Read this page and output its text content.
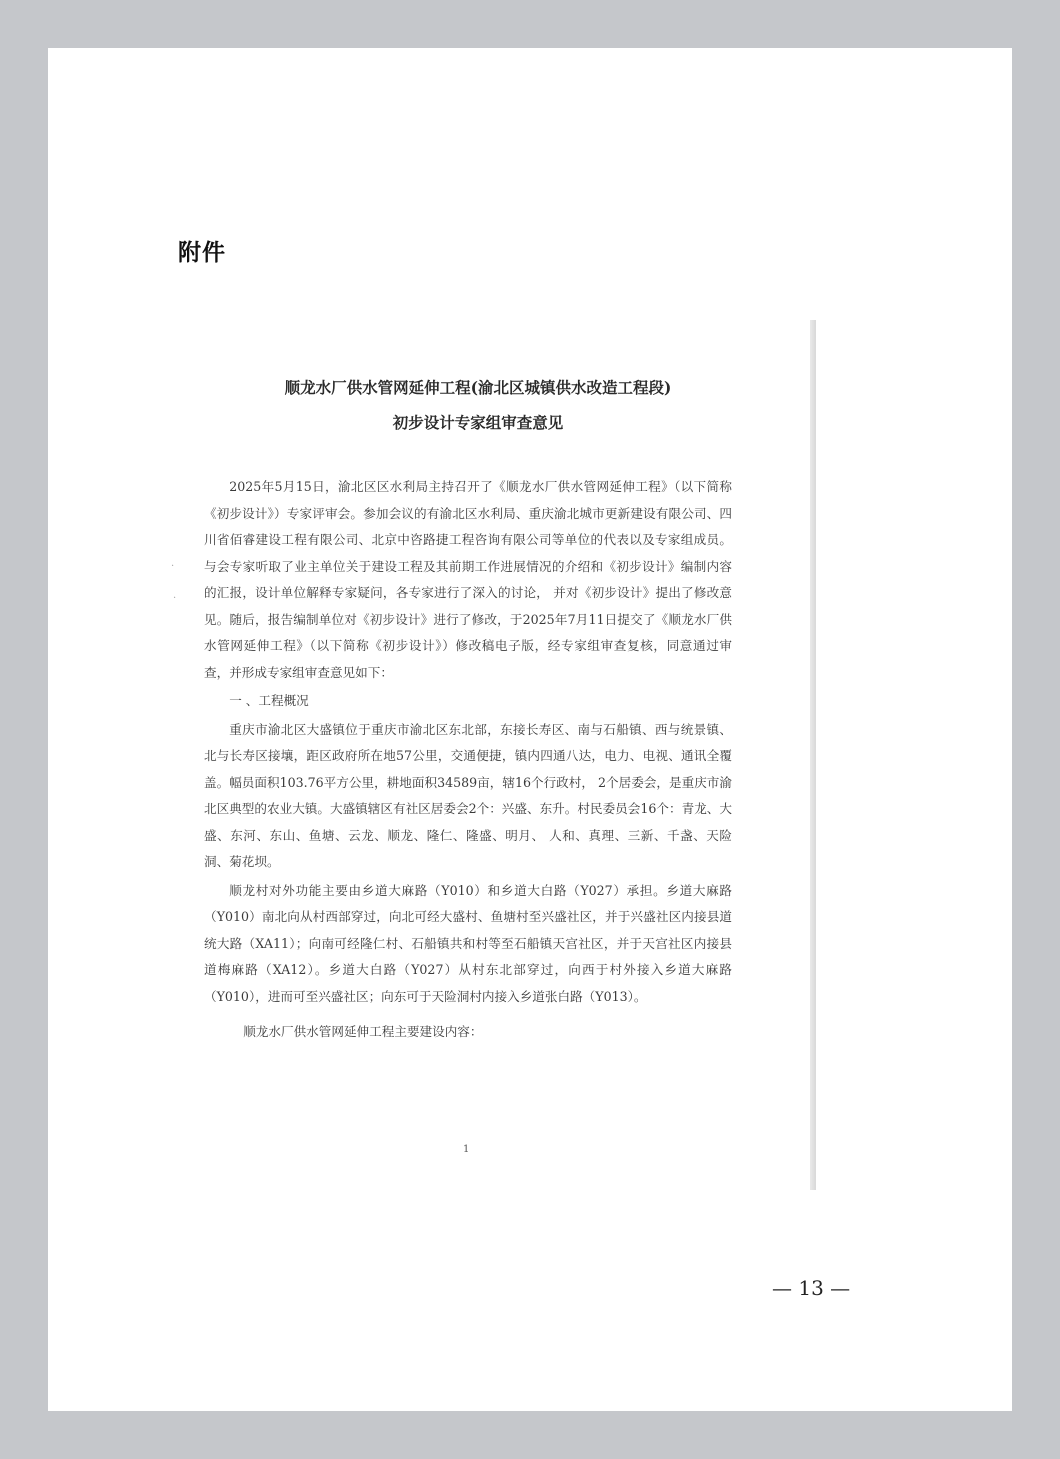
附件
·
·
顺龙水厂供水管网延伸工程(渝北区城镇供水改造工程段)
初步设计专家组审查意见

2025年5月15日，渝北区区水利局主持召开了《顺龙水厂供水管网延伸工程》（以下简称《初步设计》）专家评审会。参加会议的有渝北区水利局、重庆渝北城市更新建设有限公司、四川省佰睿建设工程有限公司、北京中咨路捷工程咨询有限公司等单位的代表以及专家组成员。与会专家听取了业主单位关于建设工程及其前期工作进展情况的介绍和《初步设计》编制内容的汇报，设计单位解释专家疑问，各专家进行了深入的讨论， 并对《初步设计》提出了修改意见。随后，报告编制单位对《初步设计》进行了修改，于2025年7月11日提交了《顺龙水厂供水管网延伸工程》（以下简称《初步设计》）修改稿电子版，经专家组审查复核，同意通过审查，并形成专家组审查意见如下：

一 、工程概况

重庆市渝北区大盛镇位于重庆市渝北区东北部，东接长寿区、南与石船镇、西与统景镇、北与长寿区接壤，距区政府所在地57公里，交通便捷，镇内四通八达，电力、电视、通讯全覆盖。幅员面积103.76平方公里，耕地面积34589亩，辖16个行政村， 2个居委会，是重庆市渝北区典型的农业大镇。大盛镇辖区有社区居委会2个：兴盛、东升。村民委员会16个：青龙、大盛、东河、东山、鱼塘、云龙、顺龙、隆仁、隆盛、明月、 人和、真理、三新、千盏、天险洞、菊花坝。

顺龙村对外功能主要由乡道大麻路（Y010）和乡道大白路（Y027）承担。乡道大麻路（Y010）南北向从村西部穿过，向北可经大盛村、鱼塘村至兴盛社区，并于兴盛社区内接县道统大路（XA11）；向南可经隆仁村、石船镇共和村等至石船镇天宫社区，并于天宫社区内接县道梅麻路（XA12）。乡道大白路（Y027）从村东北部穿过，向西于村外接入乡道大麻路（Y010），进而可至兴盛社区；向东可于天险洞村内接入乡道张白路（Y013）。

顺龙水厂供水管网延伸工程主要建设内容：

1
— 13 —
